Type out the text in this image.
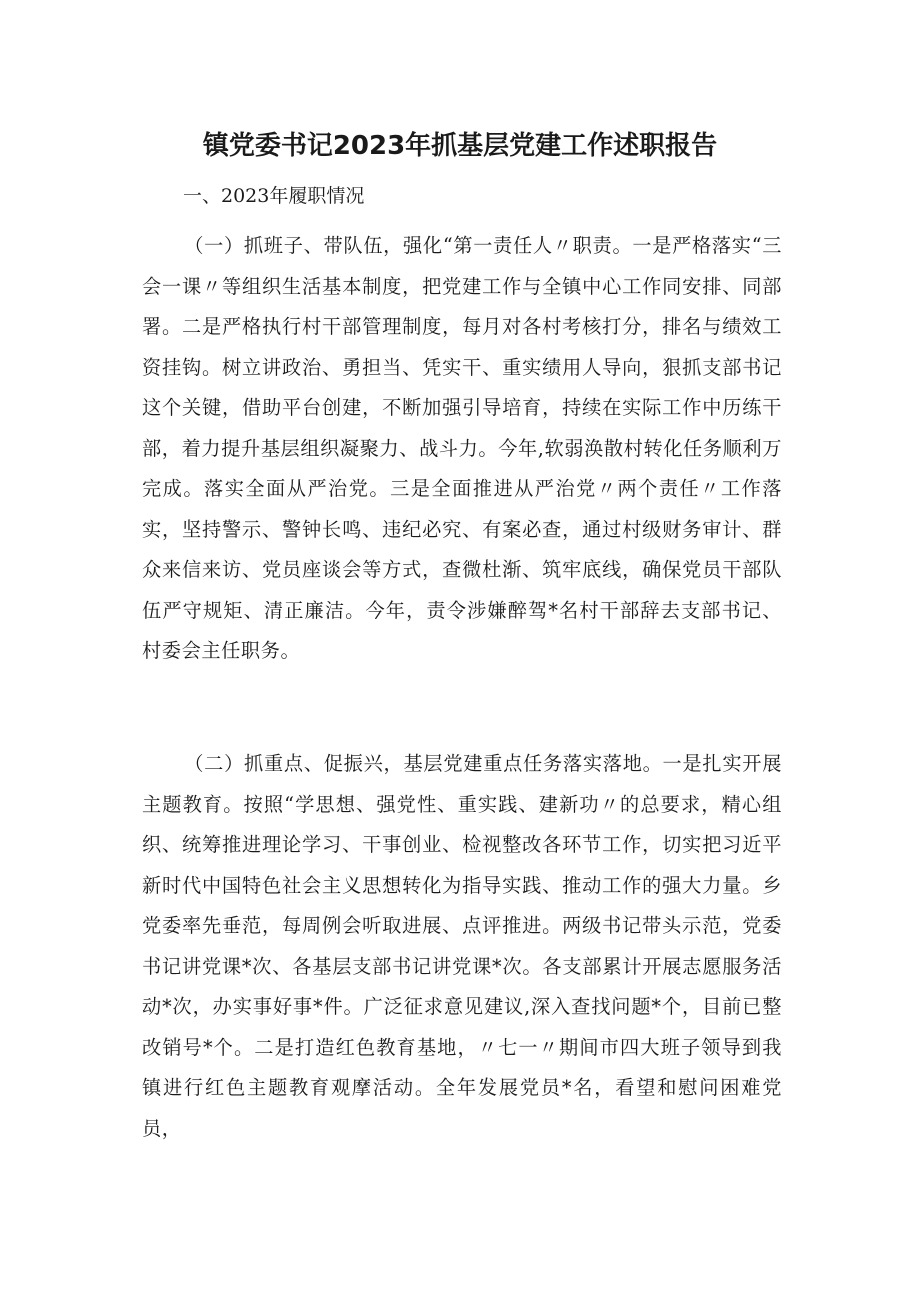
镇党委书记2023年抓基层党建工作述职报告

一、2023年履职情况

（一）抓班子、带队伍，强化“第一责任人〃职责。一是严格落实“三会一课〃等组织生活基本制度，把党建工作与全镇中心工作同安排、同部署。二是严格执行村干部管理制度，每月对各村考核打分，排名与绩效工资挂钩。树立讲政治、勇担当、凭实干、重实绩用人导向，狠抓支部书记这个关键，借助平台创建，不断加强引导培育，持续在实际工作中历练干部，着力提升基层组织凝聚力、战斗力。今年,软弱涣散村转化任务顺利万完成。落实全面从严治党。三是全面推进从严治党〃两个责任〃工作落实，坚持警示、警钟长鸣、违纪必究、有案必查，通过村级财务审计、群众来信来访、党员座谈会等方式，查微杜渐、筑牢底线，确保党员干部队伍严守规矩、清正廉洁。今年，责令涉嫌醉驾*名村干部辞去支部书记、村委会主任职务。

（二）抓重点、促振兴，基层党建重点任务落实落地。一是扎实开展主题教育。按照“学思想、强党性、重实践、建新功〃的总要求，精心组织、统筹推进理论学习、干事创业、检视整改各环节工作，切实把习近平新时代中国特色社会主义思想转化为指导实践、推动工作的强大力量。乡党委率先垂范，每周例会听取进展、点评推进。两级书记带头示范，党委书记讲党课*次、各基层支部书记讲党课*次。各支部累计开展志愿服务活动*次，办实事好事*件。广泛征求意见建议,深入查找问题*个，目前已整改销号*个。二是打造红色教育基地，〃七一〃期间市四大班子领导到我镇进行红色主题教育观摩活动。全年发展党员*名，看望和慰问困难党员，
